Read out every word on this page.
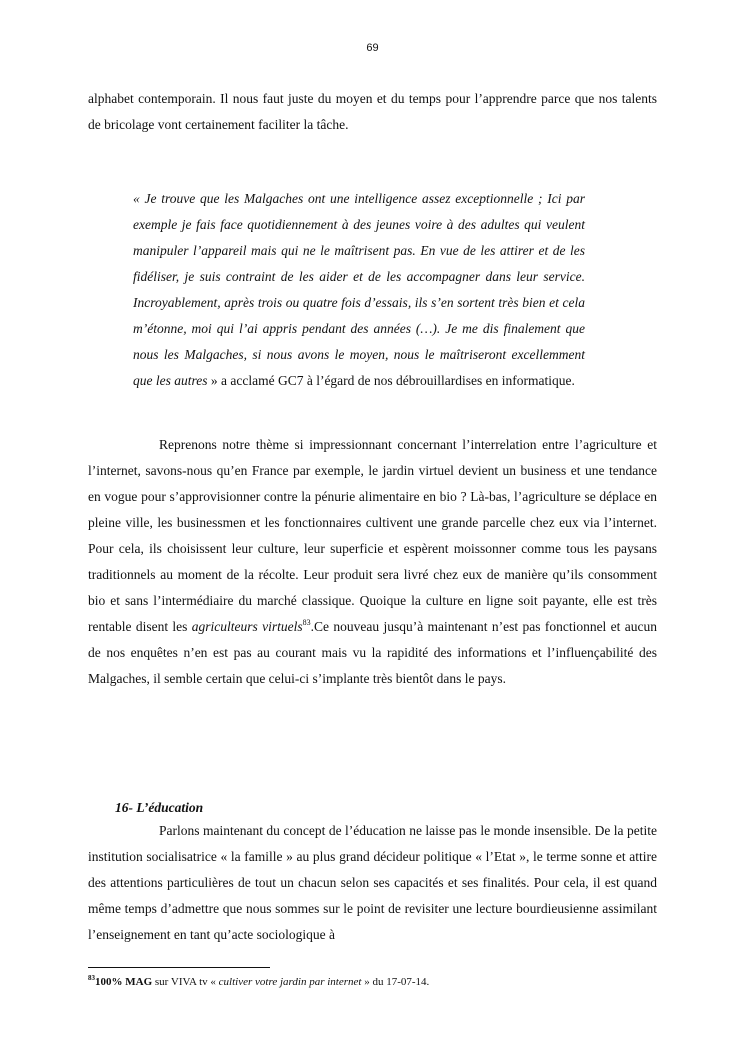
69

alphabet contemporain. Il nous faut juste du moyen et du temps pour l’apprendre parce que nos talents de bricolage vont certainement faciliter la tâche.

« Je trouve que les Malgaches ont une intelligence assez exceptionnelle ; Ici par exemple je fais face quotidiennement à des jeunes voire à des adultes qui veulent manipuler l’appareil mais qui ne le maîtrisent pas. En vue de les attirer et de les fidéliser, je suis contraint de les aider et de les accompagner dans leur service. Incroyablement, après trois ou quatre fois d’essais, ils s’en sortent très bien et cela m’étonne, moi qui l’ai appris pendant des années (…). Je me dis finalement que nous les Malgaches, si nous avons le moyen, nous le maîtriseront excellemment que les autres » a acclamé GC7 à l’égard de nos débrouillardises en informatique.

Reprenons notre thème si impressionnant concernant l’interrelation entre l’agriculture et l’internet, savons-nous qu’en France par exemple, le jardin virtuel devient un business et une tendance en vogue pour s’approvisionner contre la pénurie alimentaire en bio ? Là-bas, l’agriculture se déplace en pleine ville, les businessmen et les fonctionnaires cultivent une grande parcelle chez eux via l’internet. Pour cela, ils choisissent leur culture, leur superficie et espèrent moissonner comme tous les paysans traditionnels au moment de la récolte. Leur produit sera livré chez eux de manière qu’ils consomment bio et sans l’intermédiaire du marché classique. Quoique la culture en ligne soit payante, elle est très rentable disent les agriculteurs virtuels$^{83}$.Ce nouveau jusqu’à maintenant n’est pas fonctionnel et aucun de nos enquêtes n’en est pas au courant mais vu la rapidité des informations et l’influençabilité des Malgaches, il semble certain que celui-ci s’implante très bientôt dans le pays.

16- L’éducation

Parlons maintenant du concept de l’éducation ne laisse pas le monde insensible. De la petite institution socialisatrice « la famille » au plus grand décideur politique « l’Etat », le terme sonne et attire des attentions particulières de tout un chacun selon ses capacités et ses finalités. Pour cela, il est quand même temps d’admettre que nous sommes sur le point de revisiter une lecture bourdieusienne assimilant l’enseignement en tant qu’acte sociologique à

$^{83}$100% MAG sur VIVA tv « cultiver votre jardin par internet » du 17-07-14.
